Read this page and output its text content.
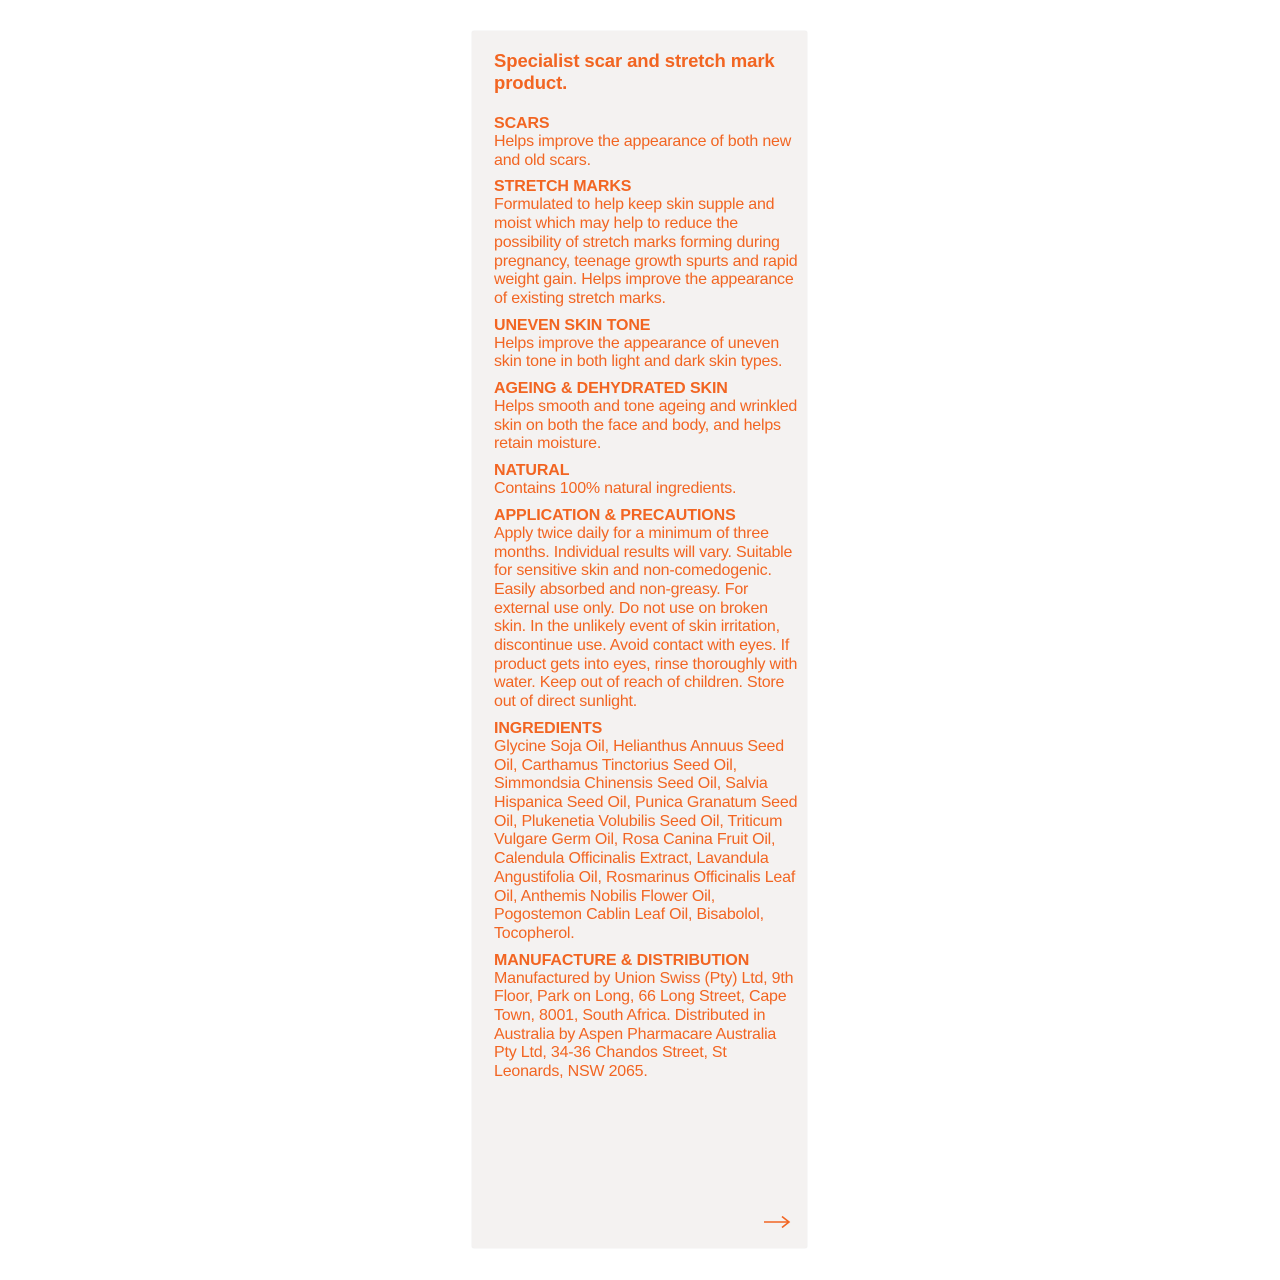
Specialist scar and stretch mark product.
SCARS
Helps improve the appearance of both new and old scars.
STRETCH MARKS
Formulated to help keep skin supple and moist which may help to reduce the possibility of stretch marks forming during pregnancy, teenage growth spurts and rapid weight gain. Helps improve the appearance of existing stretch marks.
UNEVEN SKIN TONE
Helps improve the appearance of uneven skin tone in both light and dark skin types.
AGEING & DEHYDRATED SKIN
Helps smooth and tone ageing and wrinkled skin on both the face and body, and helps retain moisture.
NATURAL
Contains 100% natural ingredients.
APPLICATION & PRECAUTIONS
Apply twice daily for a minimum of three months. Individual results will vary. Suitable for sensitive skin and non-comedogenic. Easily absorbed and non-greasy. For external use only. Do not use on broken skin. In the unlikely event of skin irritation, discontinue use. Avoid contact with eyes. If product gets into eyes, rinse thoroughly with water. Keep out of reach of children. Store out of direct sunlight.
INGREDIENTS
Glycine Soja Oil, Helianthus Annuus Seed Oil, Carthamus Tinctorius Seed Oil, Simmondsia Chinensis Seed Oil, Salvia Hispanica Seed Oil, Punica Granatum Seed Oil, Plukenetia Volubilis Seed Oil, Triticum Vulgare Germ Oil, Rosa Canina Fruit Oil, Calendula Officinalis Extract, Lavandula Angustifolia Oil, Rosmarinus Officinalis Leaf Oil, Anthemis Nobilis Flower Oil, Pogostemon Cablin Leaf Oil, Bisabolol, Tocopherol.
MANUFACTURE & DISTRIBUTION
Manufactured by Union Swiss (Pty) Ltd, 9th Floor, Park on Long, 66 Long Street, Cape Town, 8001, South Africa. Distributed in Australia by Aspen Pharmacare Australia Pty Ltd, 34-36 Chandos Street, St Leonards, NSW 2065.
